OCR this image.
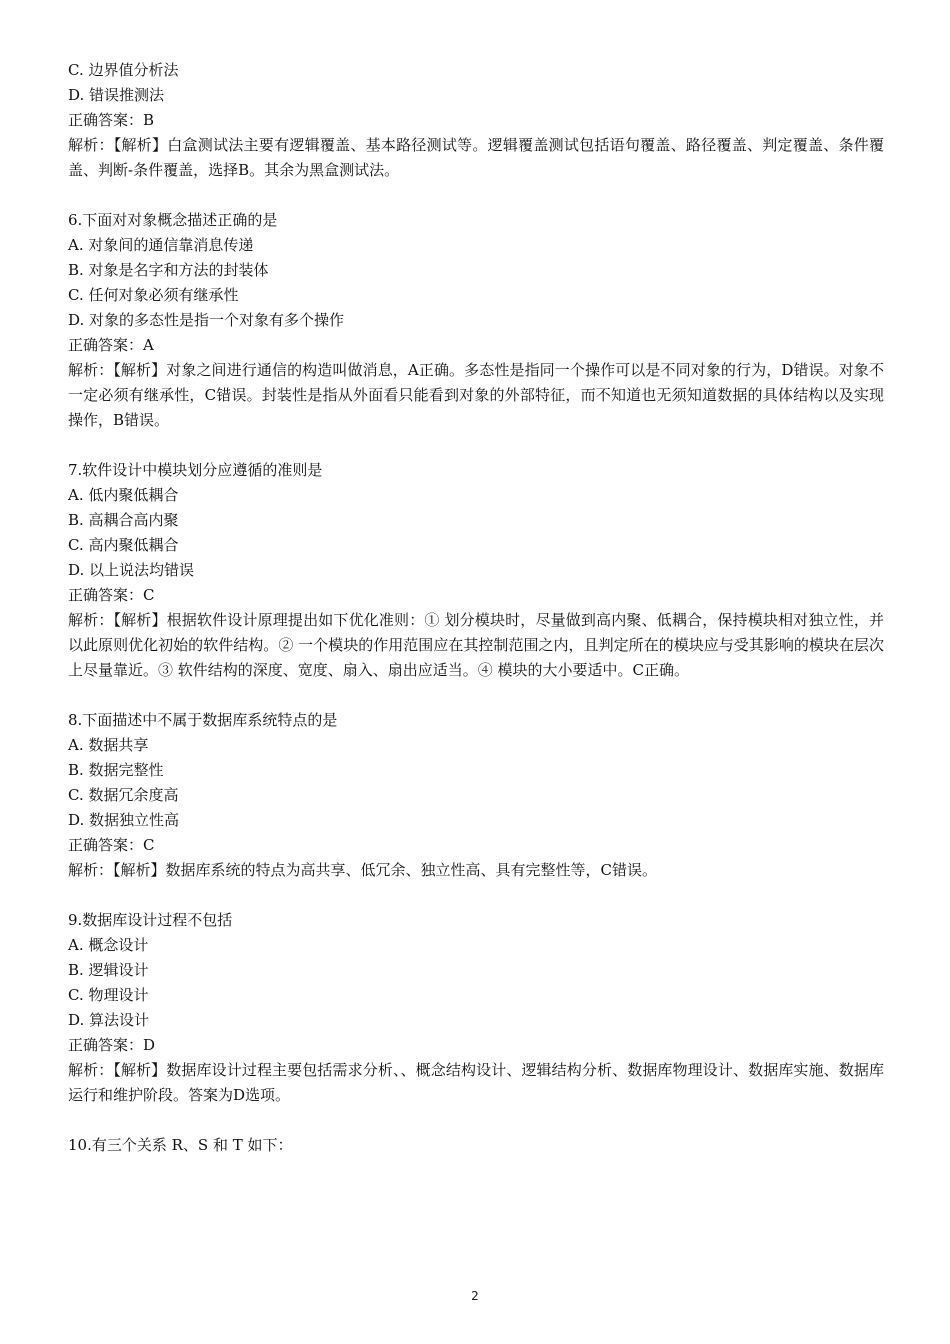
C. 边界值分析法

D. 错误推测法

正确答案：B

解析：【解析】白盒测试法主要有逻辑覆盖、基本路径测试等。逻辑覆盖测试包括语句覆盖、路径覆盖、判定覆盖、条件覆盖、判断-条件覆盖，选择B。其余为黑盒测试法。

6.下面对对象概念描述正确的是

A. 对象间的通信靠消息传递

B. 对象是名字和方法的封装体

C. 任何对象必须有继承性

D. 对象的多态性是指一个对象有多个操作

正确答案：A

解析：【解析】对象之间进行通信的构造叫做消息，A正确。多态性是指同一个操作可以是不同对象的行为，D错误。对象不一定必须有继承性，C错误。封装性是指从外面看只能看到对象的外部特征，而不知道也无须知道数据的具体结构以及实现操作，B错误。

7.软件设计中模块划分应遵循的准则是

A. 低内聚低耦合

B. 高耦合高内聚

C. 高内聚低耦合

D. 以上说法均错误

正确答案：C

解析：【解析】根据软件设计原理提出如下优化准则：① 划分模块时，尽量做到高内聚、低耦合，保持模块相对独立性，并以此原则优化初始的软件结构。② 一个模块的作用范围应在其控制范围之内，且判定所在的模块应与受其影响的模块在层次上尽量靠近。③ 软件结构的深度、宽度、扇入、扇出应适当。④ 模块的大小要适中。C正确。

8.下面描述中不属于数据库系统特点的是

A. 数据共享

B. 数据完整性

C. 数据冗余度高

D. 数据独立性高

正确答案：C

解析：【解析】数据库系统的特点为高共享、低冗余、独立性高、具有完整性等，C错误。

9.数据库设计过程不包括

A. 概念设计

B. 逻辑设计

C. 物理设计

D. 算法设计

正确答案：D

解析：【解析】数据库设计过程主要包括需求分析、、概念结构设计、逻辑结构分析、数据库物理设计、数据库实施、数据库运行和维护阶段。答案为D选项。

10.有三个关系 R、S 和 T 如下：

2
